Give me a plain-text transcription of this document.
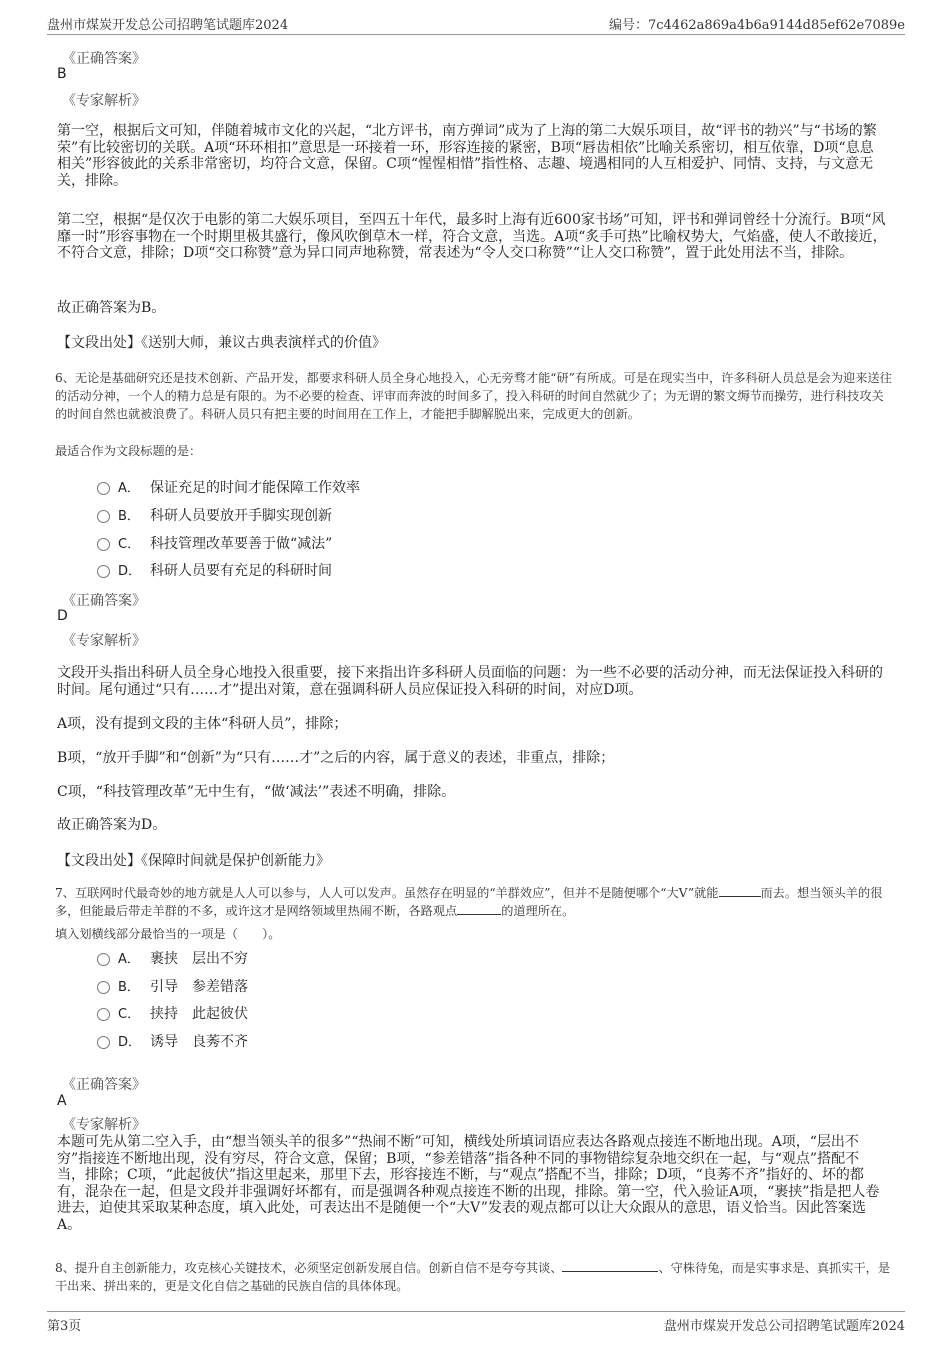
盘州市煤炭开发总公司招聘笔试题库2024	编号：7c4462a869a4b6a9144d85ef62e7089e
《正确答案》
B
《专家解析》

第一空，根据后文可知，伴随着城市文化的兴起，“北方评书，南方弹词”成为了上海的第二大娱乐项目，故“评书的勃兴”与“书场的繁荣”有比较密切的关联。A项“环环相扣”意思是一环接着一环，形容连接的紧密，B项“唇齿相依”比喻关系密切，相互依靠，D项“息息相关”形容彼此的关系非常密切，均符合文意，保留。C项“惺惺相惜”指性格、志趣、境遇相同的人互相爱护、同情、支持，与文意无关，排除。

第二空，根据“是仅次于电影的第二大娱乐项目，至四五十年代，最多时上海有近600家书场”可知，评书和弹词曾经十分流行。B项“风靡一时”形容事物在一个时期里极其盛行，像风吹倒草木一样，符合文意，当选。A项“炙手可热”比喻权势大，气焰盛，使人不敢接近，不符合文意，排除；D项“交口称赞”意为异口同声地称赞，常表述为“令人交口称赞”“让人交口称赞”，置于此处用法不当，排除。

故正确答案为B。
【文段出处】《送别大师，兼议古典表演样式的价值》

6、无论是基础研究还是技术创新、产品开发，都要求科研人员全身心地投入，心无旁骛才能“研”有所成。可是在现实当中，许多科研人员总是会为迎来送往的活动分神，一个人的精力总是有限的。为不必要的检查、评审而奔波的时间多了，投入科研的时间自然就少了；为无谓的繁文缛节而操劳，进行科技攻关的时间自然也就被浪费了。科研人员只有把主要的时间用在工作上，才能把手脚解脱出来，完成更大的创新。

最适合作为文段标题的是：
A． 保证充足的时间才能保障工作效率
B． 科研人员要放开手脚实现创新
C． 科技管理改革要善于做“减法”
D． 科研人员要有充足的科研时间
《正确答案》
D
《专家解析》

文段开头指出科研人员全身心地投入很重要，接下来指出许多科研人员面临的问题：为一些不必要的活动分神，而无法保证投入科研的时间。尾句通过“只有……才”提出对策，意在强调科研人员应保证投入科研的时间，对应D项。

A项，没有提到文段的主体“科研人员”，排除；
B项，“放开手脚”和“创新”为“只有……才”之后的内容，属于意义的表述，非重点，排除；
C项，“科技管理改革”无中生有，“做‘减法’”表述不明确，排除。
故正确答案为D。
【文段出处】《保障时间就是保护创新能力》

7、互联网时代最奇妙的地方就是人人可以参与，人人可以发声。虽然存在明显的“羊群效应”，但并不是随便哪个“大V”就能	而去。想当领头羊的很多，但能最后带走羊群的不多，或许这才是网络领域里热闹不断，各路观点	的道理所在。

填入划横线部分最恰当的一项是（　　）。
A． 裹挟　层出不穷
B． 引导　参差错落
C． 挟持　此起彼伏
D． 诱导　良莠不齐
《正确答案》
A
《专家解析》

本题可先从第二空入手，由“想当领头羊的很多”“热闹不断”可知，横线处所填词语应表达各路观点接连不断地出现。A项，“层出不穷”指接连不断地出现，没有穷尽，符合文意，保留；B项，“参差错落”指各种不同的事物错综复杂地交织在一起，与“观点”搭配不当，排除；C项，“此起彼伏”指这里起来，那里下去，形容接连不断，与“观点”搭配不当，排除；D项，“良莠不齐”指好的、坏的都有，混杂在一起，但是文段并非强调好坏都有，而是强调各种观点接连不断的出现，排除。第一空，代入验证A项，“裹挟”指是把人卷进去，迫使其采取某种态度，填入此处，可表达出不是随便一个“大V”发表的观点都可以让大众跟从的意思，语义恰当。因此答案选A。

8、提升自主创新能力，攻克核心关键技术，必须坚定创新发展自信。创新自信不是夸夸其谈、	、守株待兔，而是实事求是、真抓实干，是干出来、拼出来的，更是文化自信之基础的民族自信的具体体现。

第3页	盘州市煤炭开发总公司招聘笔试题库2024
